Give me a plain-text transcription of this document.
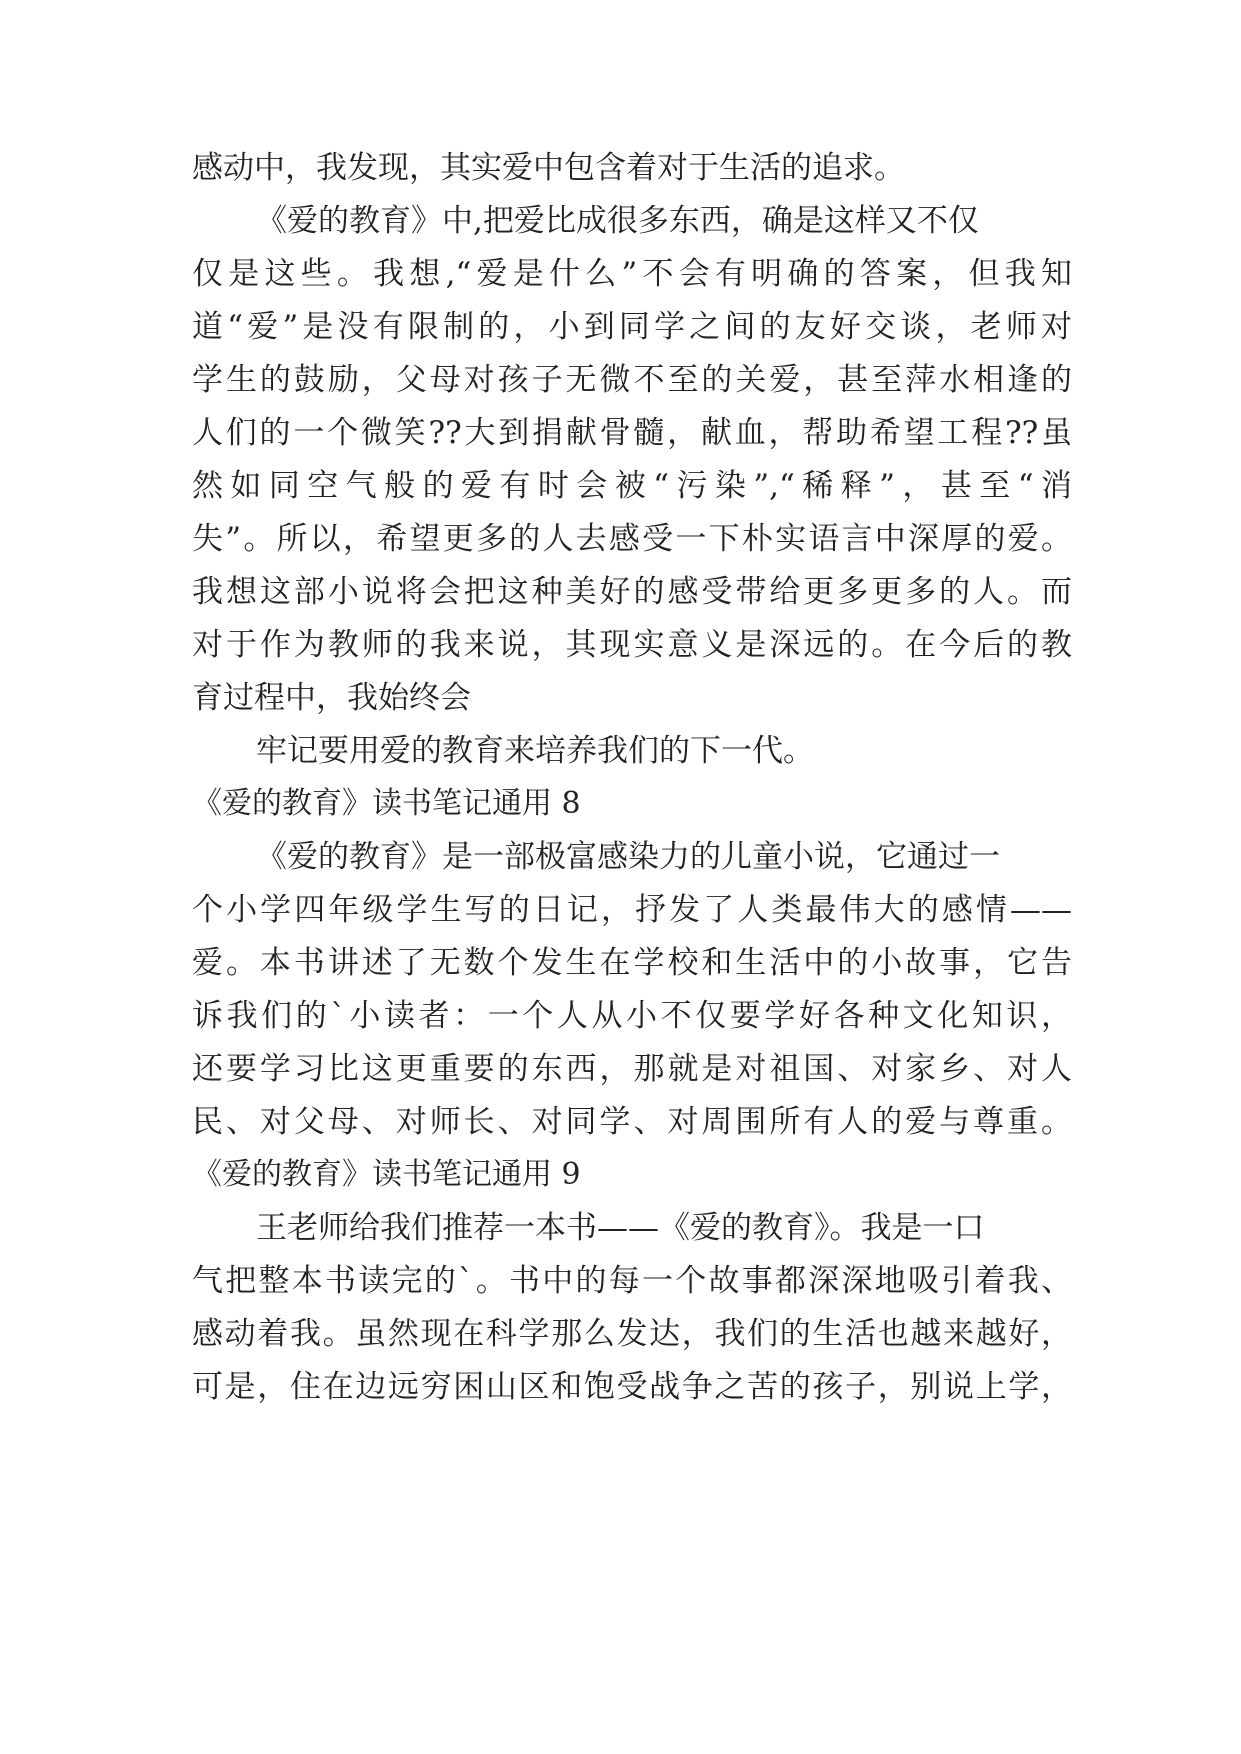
感动中，我发现，其实爱中包含着对于生活的追求。

《爱的教育》中,把爱比成很多东西，确是这样又不仅

仅是这些。我想,“爱是什么”不会有明确的答案，但我知

道“爱”是没有限制的，小到同学之间的友好交谈，老师对

学生的鼓励，父母对孩子无微不至的关爱，甚至萍水相逢的

人们的一个微笑??大到捐献骨髓，献血，帮助希望工程??虽

然如同空气般的爱有时会被“污染”,“稀释”，甚至“消

失”。所以，希望更多的人去感受一下朴实语言中深厚的爱。

我想这部小说将会把这种美好的感受带给更多更多的人。而

对于作为教师的我来说，其现实意义是深远的。在今后的教

育过程中，我始终会

牢记要用爱的教育来培养我们的下一代。

《爱的教育》读书笔记通用 8

《爱的教育》是一部极富感染力的儿童小说，它通过一

个小学四年级学生写的日记，抒发了人类最伟大的感情——

爱。本书讲述了无数个发生在学校和生活中的小故事，它告

诉我们的`小读者：一个人从小不仅要学好各种文化知识，

还要学习比这更重要的东西，那就是对祖国、对家乡、对人

民、对父母、对师长、对同学、对周围所有人的爱与尊重。

《爱的教育》读书笔记通用 9

王老师给我们推荐一本书——《爱的教育》。我是一口

气把整本书读完的`。书中的每一个故事都深深地吸引着我、

感动着我。虽然现在科学那么发达，我们的生活也越来越好，

可是，住在边远穷困山区和饱受战争之苦的孩子，别说上学，
